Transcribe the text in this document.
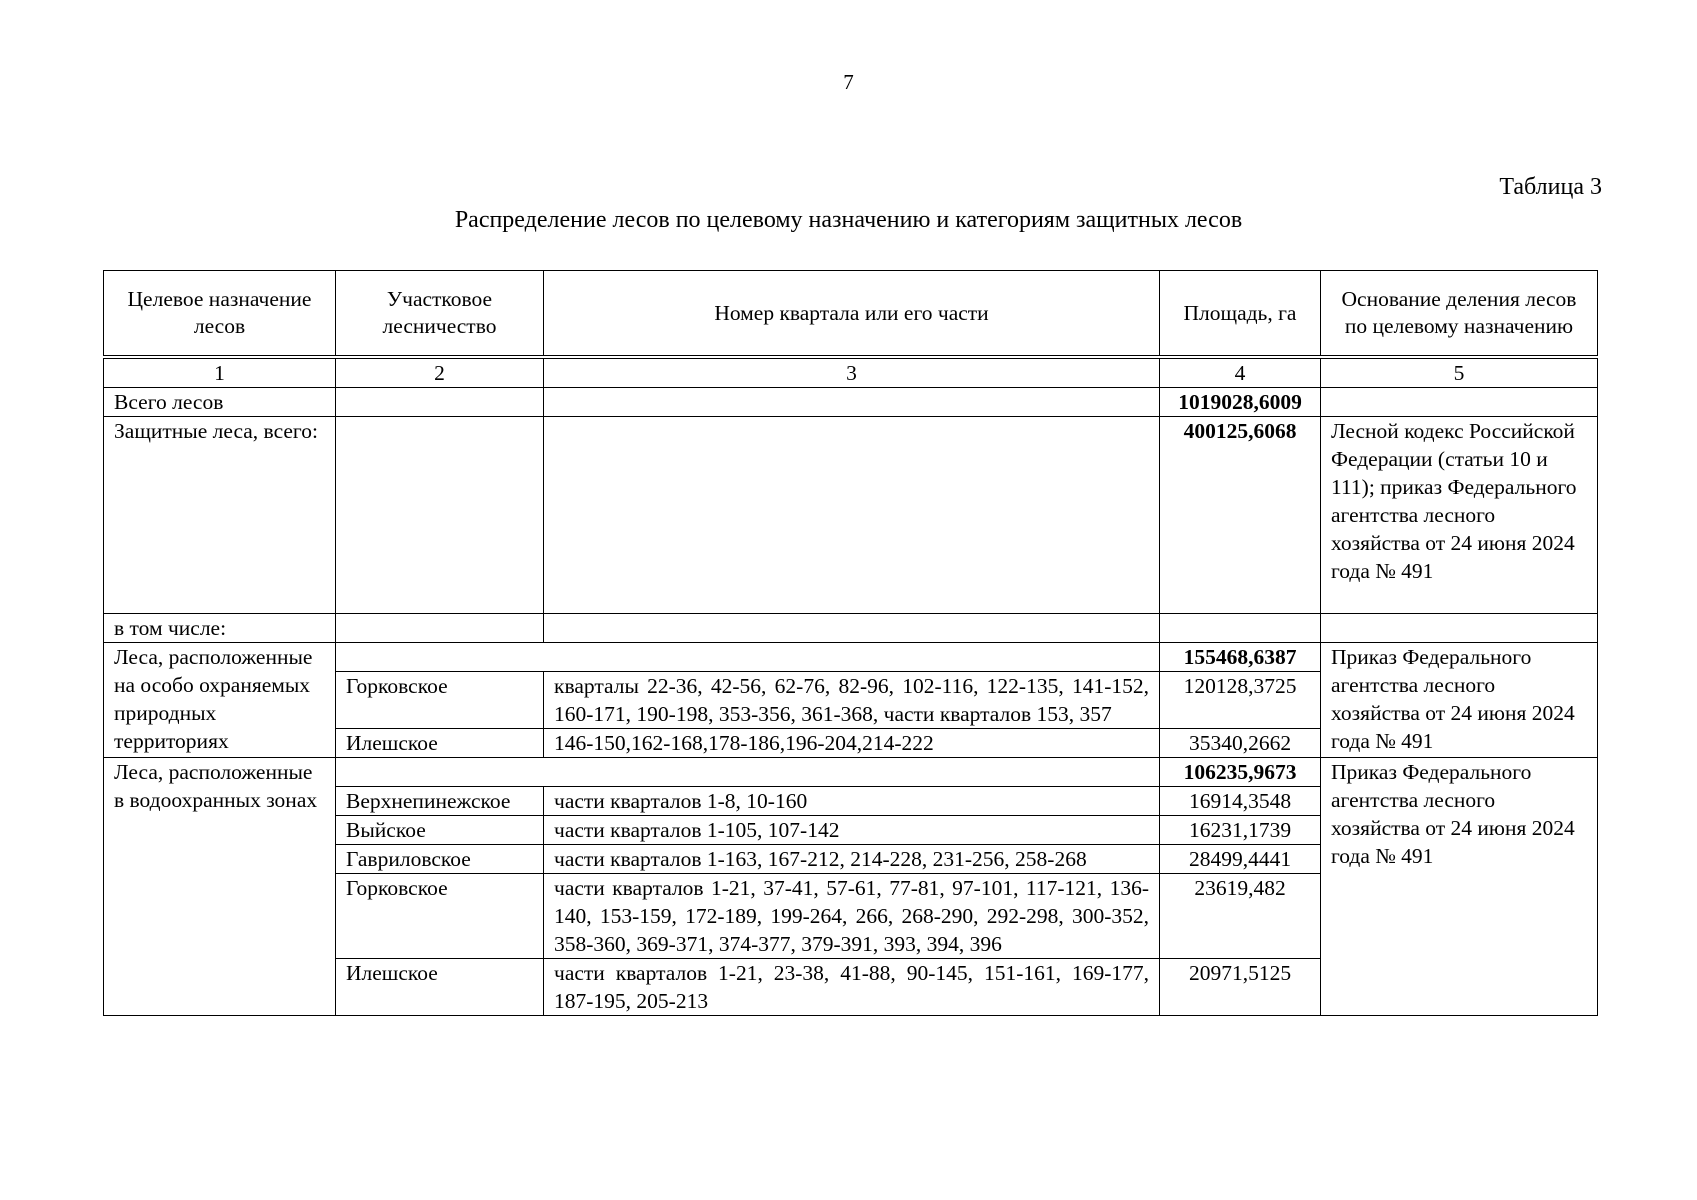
7
Таблица 3
Распределение лесов по целевому назначению и категориям защитных лесов
Целевое назначение лесов	Участковое лесничество	Номер квартала или его части	Площадь, га	Основание деления лесов по целевому назначению
1	2	3	4	5
Всего лесов			1019028,6009	
Защитные леса, всего:			400125,6068	Лесной кодекс Российской Федерации (статьи 10 и 111); приказ Федерального агентства лесного хозяйства от 24 июня 2024 года № 491
в том числе:				
Леса, расположенные на особо охраняемых природных территориях			155468,6387	Приказ Федерального агентства лесного хозяйства от 24 июня 2024 года № 491
	Горковское	кварталы 22-36, 42-56, 62-76, 82-96, 102-116, 122-135, 141-152, 160-171, 190-198, 353-356, 361-368, части кварталов 153, 357	120128,3725	
	Илешское	146-150,162-168,178-186,196-204,214-222	35340,2662	
Леса, расположенные в водоохранных зонах			106235,9673	Приказ Федерального агентства лесного хозяйства от 24 июня 2024 года № 491
	Верхнепинежское	части кварталов 1-8, 10-160	16914,3548	
	Выйское	части кварталов 1-105, 107-142	16231,1739	
	Гавриловское	части кварталов 1-163, 167-212, 214-228, 231-256, 258-268	28499,4441	
	Горковское	части кварталов 1-21, 37-41, 57-61, 77-81, 97-101, 117-121, 136-140, 153-159, 172-189, 199-264, 266, 268-290, 292-298, 300-352, 358-360, 369-371, 374-377, 379-391, 393, 394, 396	23619,482	
	Илешское	части кварталов 1-21, 23-38, 41-88, 90-145, 151-161, 169-177, 187-195, 205-213	20971,5125	
